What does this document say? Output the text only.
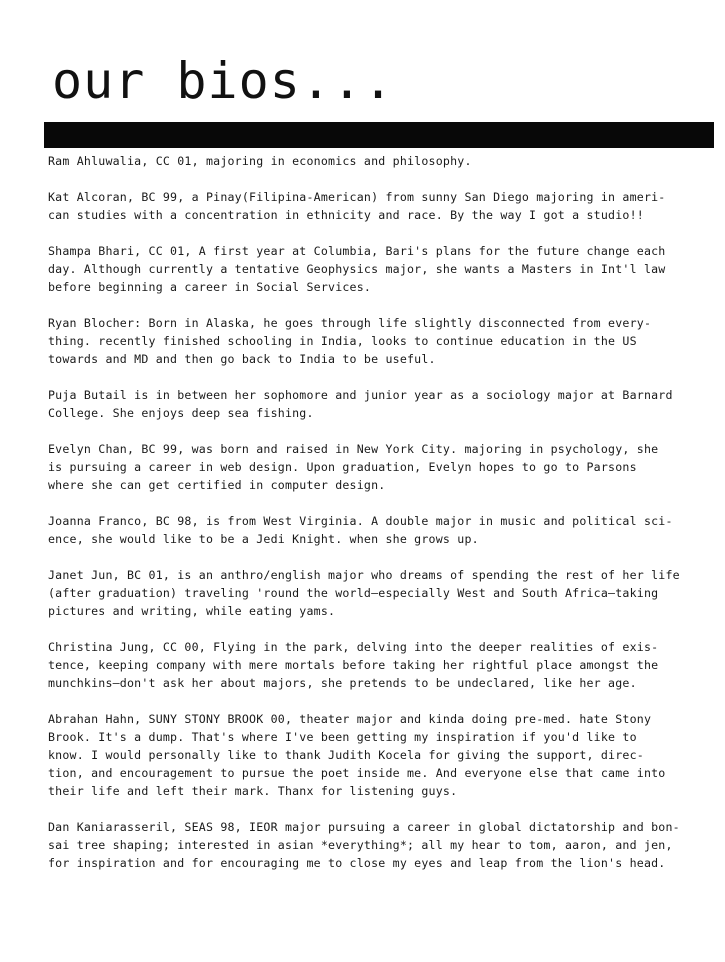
our bios...

Ram Ahluwalia, CC 01, majoring in economics and philosophy.

Kat Alcoran, BC 99, a Pinay(Filipina-American) from sunny San Diego majoring in ameri-
can studies with a concentration in ethnicity and race. By the way I got a studio!!

Shampa Bhari, CC 01, A first year at Columbia, Bari's plans for the future change each
day. Although currently a tentative Geophysics major, she wants a Masters in Int'l law
before beginning a career in Social Services.

Ryan Blocher: Born in Alaska, he goes through life slightly disconnected from every-
thing. recently finished schooling in India, looks to continue education in the US
towards and MD and then go back to India to be useful.

Puja Butail is in between her sophomore and junior year as a sociology major at Barnard
College. She enjoys deep sea fishing.

Evelyn Chan, BC 99, was born and raised in New York City. majoring in psychology, she
is pursuing a career in web design. Upon graduation, Evelyn hopes to go to Parsons
where she can get certified in computer design.

Joanna Franco, BC 98, is from West Virginia. A double major in music and political sci-
ence, she would like to be a Jedi Knight. when she grows up.

Janet Jun, BC 01, is an anthro/english major who dreams of spending the rest of her life
(after graduation) traveling 'round the world—especially West and South Africa—taking
pictures and writing, while eating yams.

Christina Jung, CC 00, Flying in the park, delving into the deeper realities of exis-
tence, keeping company with mere mortals before taking her rightful place amongst the
munchkins—don't ask her about majors, she pretends to be undeclared, like her age.

Abrahan Hahn, SUNY STONY BROOK 00, theater major and kinda doing pre-med. hate Stony
Brook. It's a dump. That's where I've been getting my inspiration if you'd like to
know. I would personally like to thank Judith Kocela for giving the support, direc-
tion, and encouragement to pursue the poet inside me. And everyone else that came into
their life and left their mark. Thanx for listening guys.

Dan Kaniarasseril, SEAS 98, IEOR major pursuing a career in global dictatorship and bon-
sai tree shaping; interested in asian *everything*; all my hear to tom, aaron, and jen,
for inspiration and for encouraging me to close my eyes and leap from the lion's head.
